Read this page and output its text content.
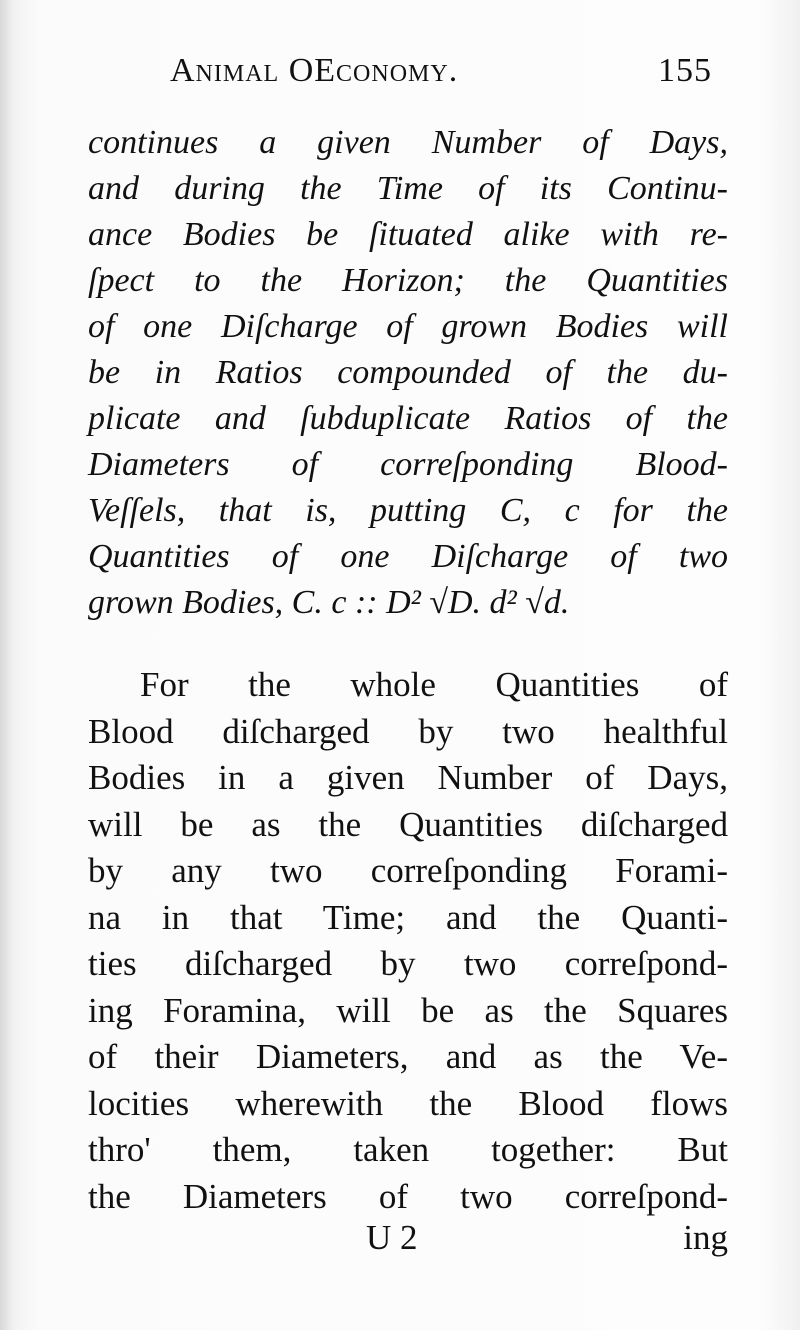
Animal OEconomy.	155
continues a given Number of Days,
and during the Time of its Continu-
ance Bodies be ſituated alike with re-
ſpect to the Horizon; the Quantities
of one Diſcharge of grown Bodies will
be in Ratios compounded of the du-
plicate and ſubduplicate Ratios of the
Diameters of correſponding Blood-
Veſſels, that is, putting C, c for the
Quantities of one Diſcharge of two
grown Bodies, C. c :: D² √D. d² √d.
For the whole Quantities of
Blood diſcharged by two healthful
Bodies in a given Number of Days,
will be as the Quantities diſcharged
by any two correſponding Forami-
na in that Time; and the Quanti-
ties diſcharged by two correſpond-
ing Foramina, will be as the Squares
of their Diameters, and as the Ve-
locities wherewith the Blood flows
thro' them, taken together: But
the Diameters of two correſpond-
U 2	ing
